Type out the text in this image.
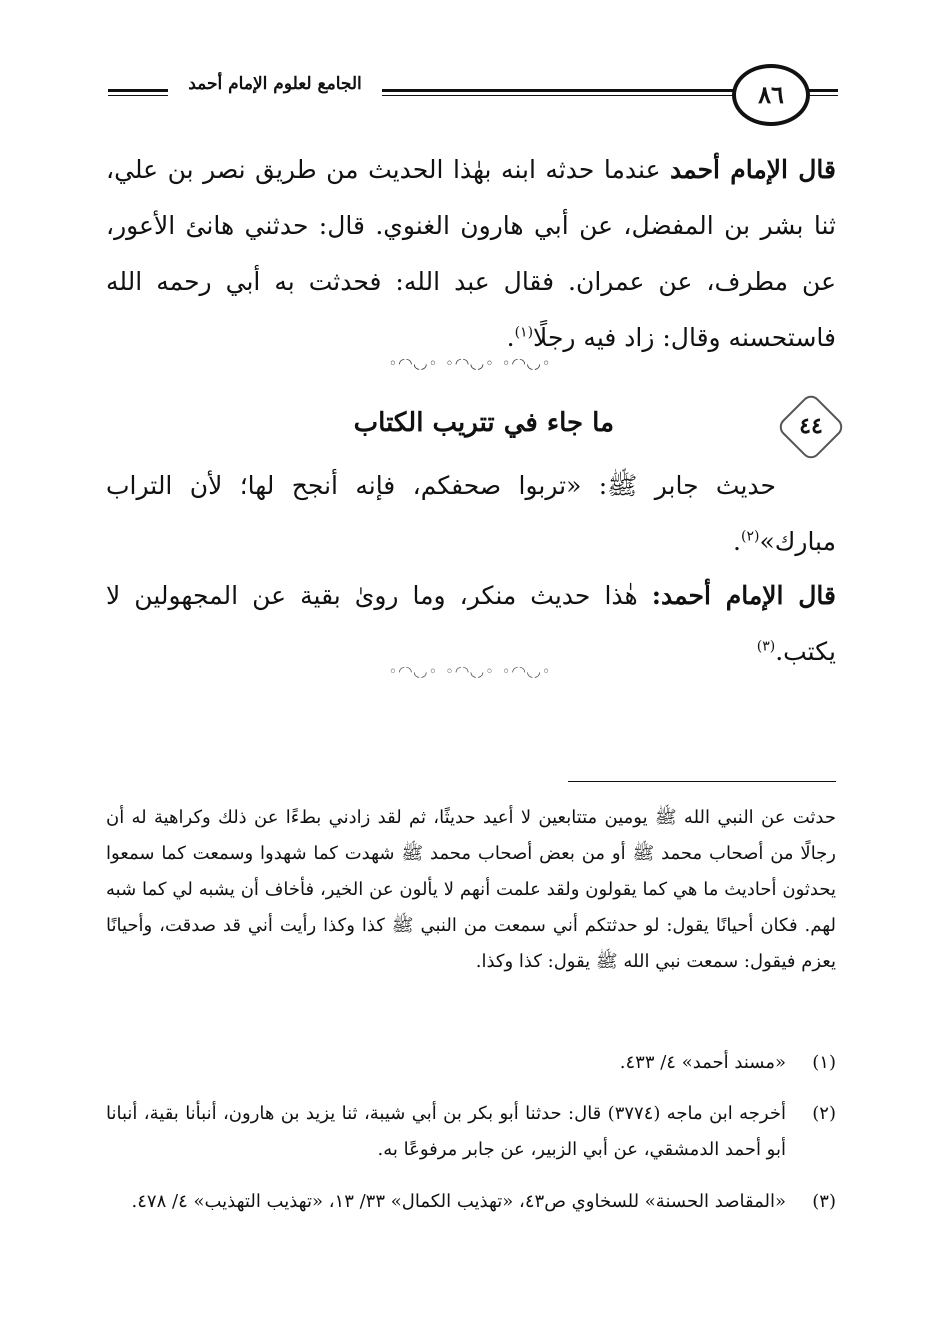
الجامع لعلوم الإمام أحمد	٨٦
قال الإمام أحمد عندما حدثه ابنه بهٰذا الحديث من طريق نصر بن علي، ثنا بشر بن المفضل، عن أبي هارون الغنوي. قال: حدثني هانئ الأعور، عن مطرف، عن عمران. فقال عبد الله: فحدثت به أبي رحمه الله فاستحسنه وقال: زاد فيه رجلًا$^{(١)}$.
◦◞◟◝◜◦ ◦◞◟◝◜◦ ◦◞◟◝◜◦
٤٤
ما جاء في تتريب الكتاب
حديث جابر ﷺ: «تربوا صحفكم، فإنه أنجح لها؛ لأن التراب مبارك»$^{(٢)}$.
قال الإمام أحمد: هٰذا حديث منكر، وما رویٰ بقية عن المجهولين لا يكتب.$^{(٣)}$
◦◞◟◝◜◦ ◦◞◟◝◜◦ ◦◞◟◝◜◦
حدثت عن النبي الله ﷺ يومين متتابعين لا أعيد حديثًا، ثم لقد زادني بطءًا عن ذلك وكراهية له أن رجالًا من أصحاب محمد ﷺ أو من بعض أصحاب محمد ﷺ شهدت كما شهدوا وسمعت كما سمعوا يحدثون أحاديث ما هي كما يقولون ولقد علمت أنهم لا يألون عن الخير، فأخاف أن يشبه لي كما شبه لهم. فكان أحيانًا يقول: لو حدثتكم أني سمعت من النبي ﷺ كذا وكذا رأيت أني قد صدقت، وأحيانًا يعزم فيقول: سمعت نبي الله ﷺ يقول: كذا وكذا.
(١)
«مسند أحمد» ٤/ ٤٣٣.
(٢)
أخرجه ابن ماجه (٣٧٧٤) قال: حدثنا أبو بكر بن أبي شيبة، ثنا يزيد بن هارون، أنبأنا بقية، أنبانا أبو أحمد الدمشقي، عن أبي الزبير، عن جابر مرفوعًا به.
(٣)
«المقاصد الحسنة» للسخاوي ص٤٣، «تهذيب الكمال» ٣٣/ ١٣، «تهذيب التهذيب» ٤/ ٤٧٨.
